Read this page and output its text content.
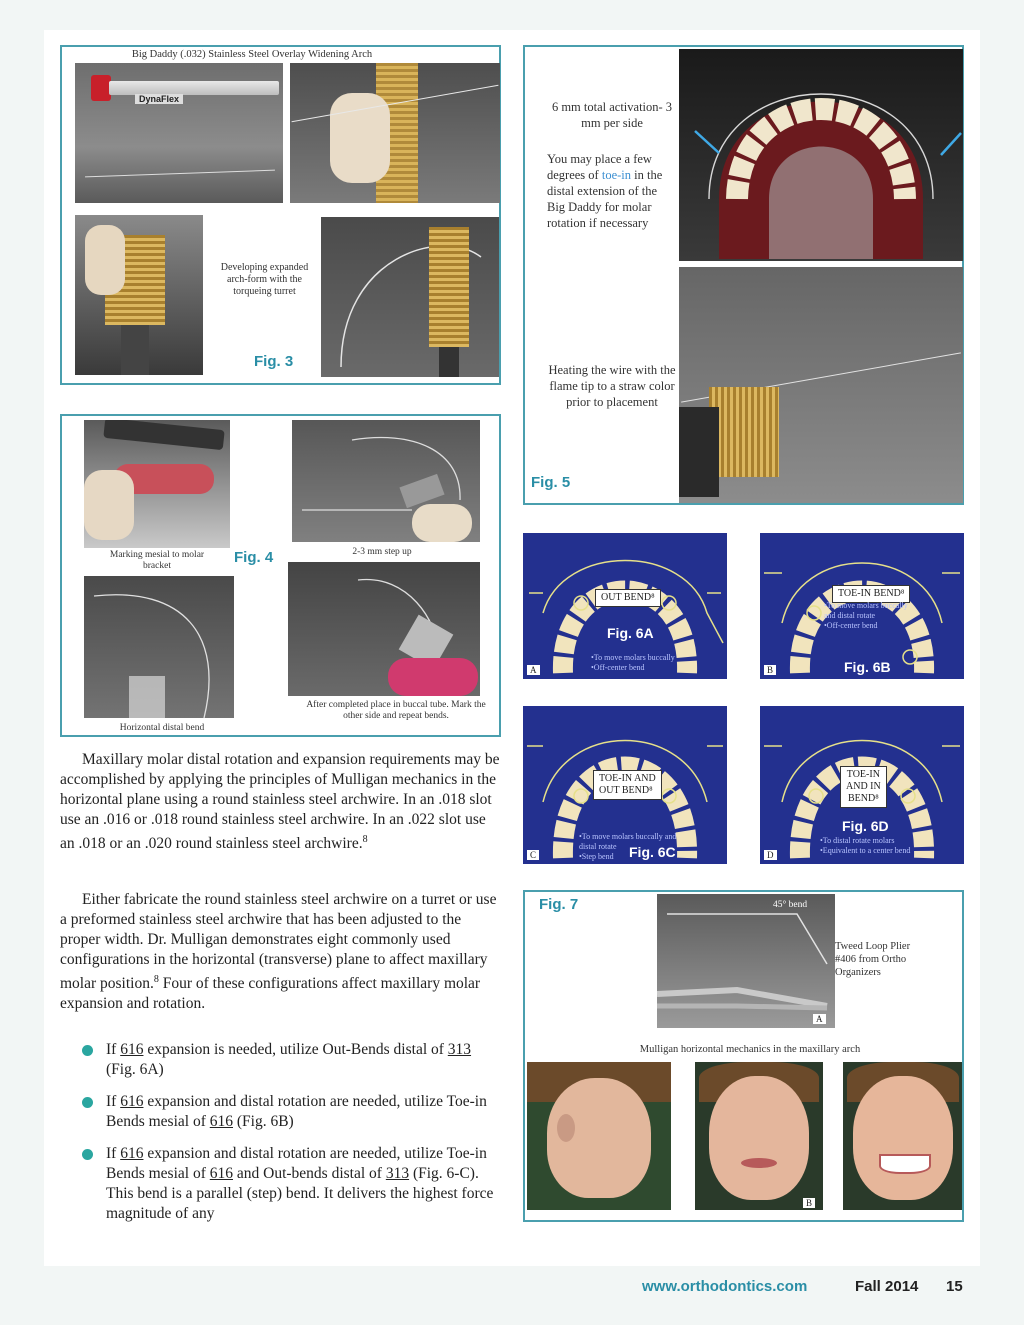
Big Daddy (.032) Stainless Steel Overlay Widening Arch
DynaFlex
Developing expanded arch-form with the torqueing turret
Fig. 3
Marking mesial to molar bracket	Fig. 4	2-3 mm step up
Horizontal distal bend
After completed place in buccal tube. Mark the other side and repeat bends.
6 mm total activation- 3 mm per side
You may place a few degrees of toe-in in the distal extension of the Big Daddy for molar rotation if necessary
Heating the wire with the flame tip to a straw color prior to placement
Fig. 5
OUT BEND⁸
Fig. 6A
•To move molars buccally
•Off-center bend
A
TOE-IN BEND⁸
•To move molars buccally
and distal rotate
•Off-center bend
Fig. 6B
B
TOE-IN AND
OUT BEND⁸
•To move molars buccally and
distal rotate
•Step bend Fig. 6C
C
TOE-IN
AND IN
BEND⁸
Fig. 6D
•To distal rotate molars
•Equivalent to a center bend
D
Fig. 7	45° bend
A
Tweed Loop Plier #406 from Ortho Organizers
Mulligan horizontal mechanics in the maxillary arch
B
Maxillary molar distal rotation and expansion requirements may be accomplished by applying the principles of Mulligan mechanics in the horizontal plane using a round stainless steel archwire. In an .018 slot use an .016 or .018 round stainless steel archwire. In an .022 slot use an .018 or an .020 round stainless steel archwire.$^8$
Either fabricate the round stainless steel archwire on a turret or use a preformed stainless steel archwire that has been adjusted to the proper width. Dr. Mulligan demonstrates eight commonly used configurations in the horizontal (transverse) plane to affect maxillary molar position.$^8$ Four of these configurations affect maxillary molar expansion and rotation.
If 616 expansion is needed, utilize Out-Bends distal of 313 (Fig. 6A)
If 616 expansion and distal rotation are needed, utilize Toe-in Bends mesial of 616 (Fig. 6B)
If 616 expansion and distal rotation are needed, utilize Toe-in Bends mesial of 616 and Out-bends distal of 313 (Fig. 6-C). This bend is a parallel (step) bend. It delivers the highest force magnitude of any
www.orthodontics.com	Fall 2014 15
